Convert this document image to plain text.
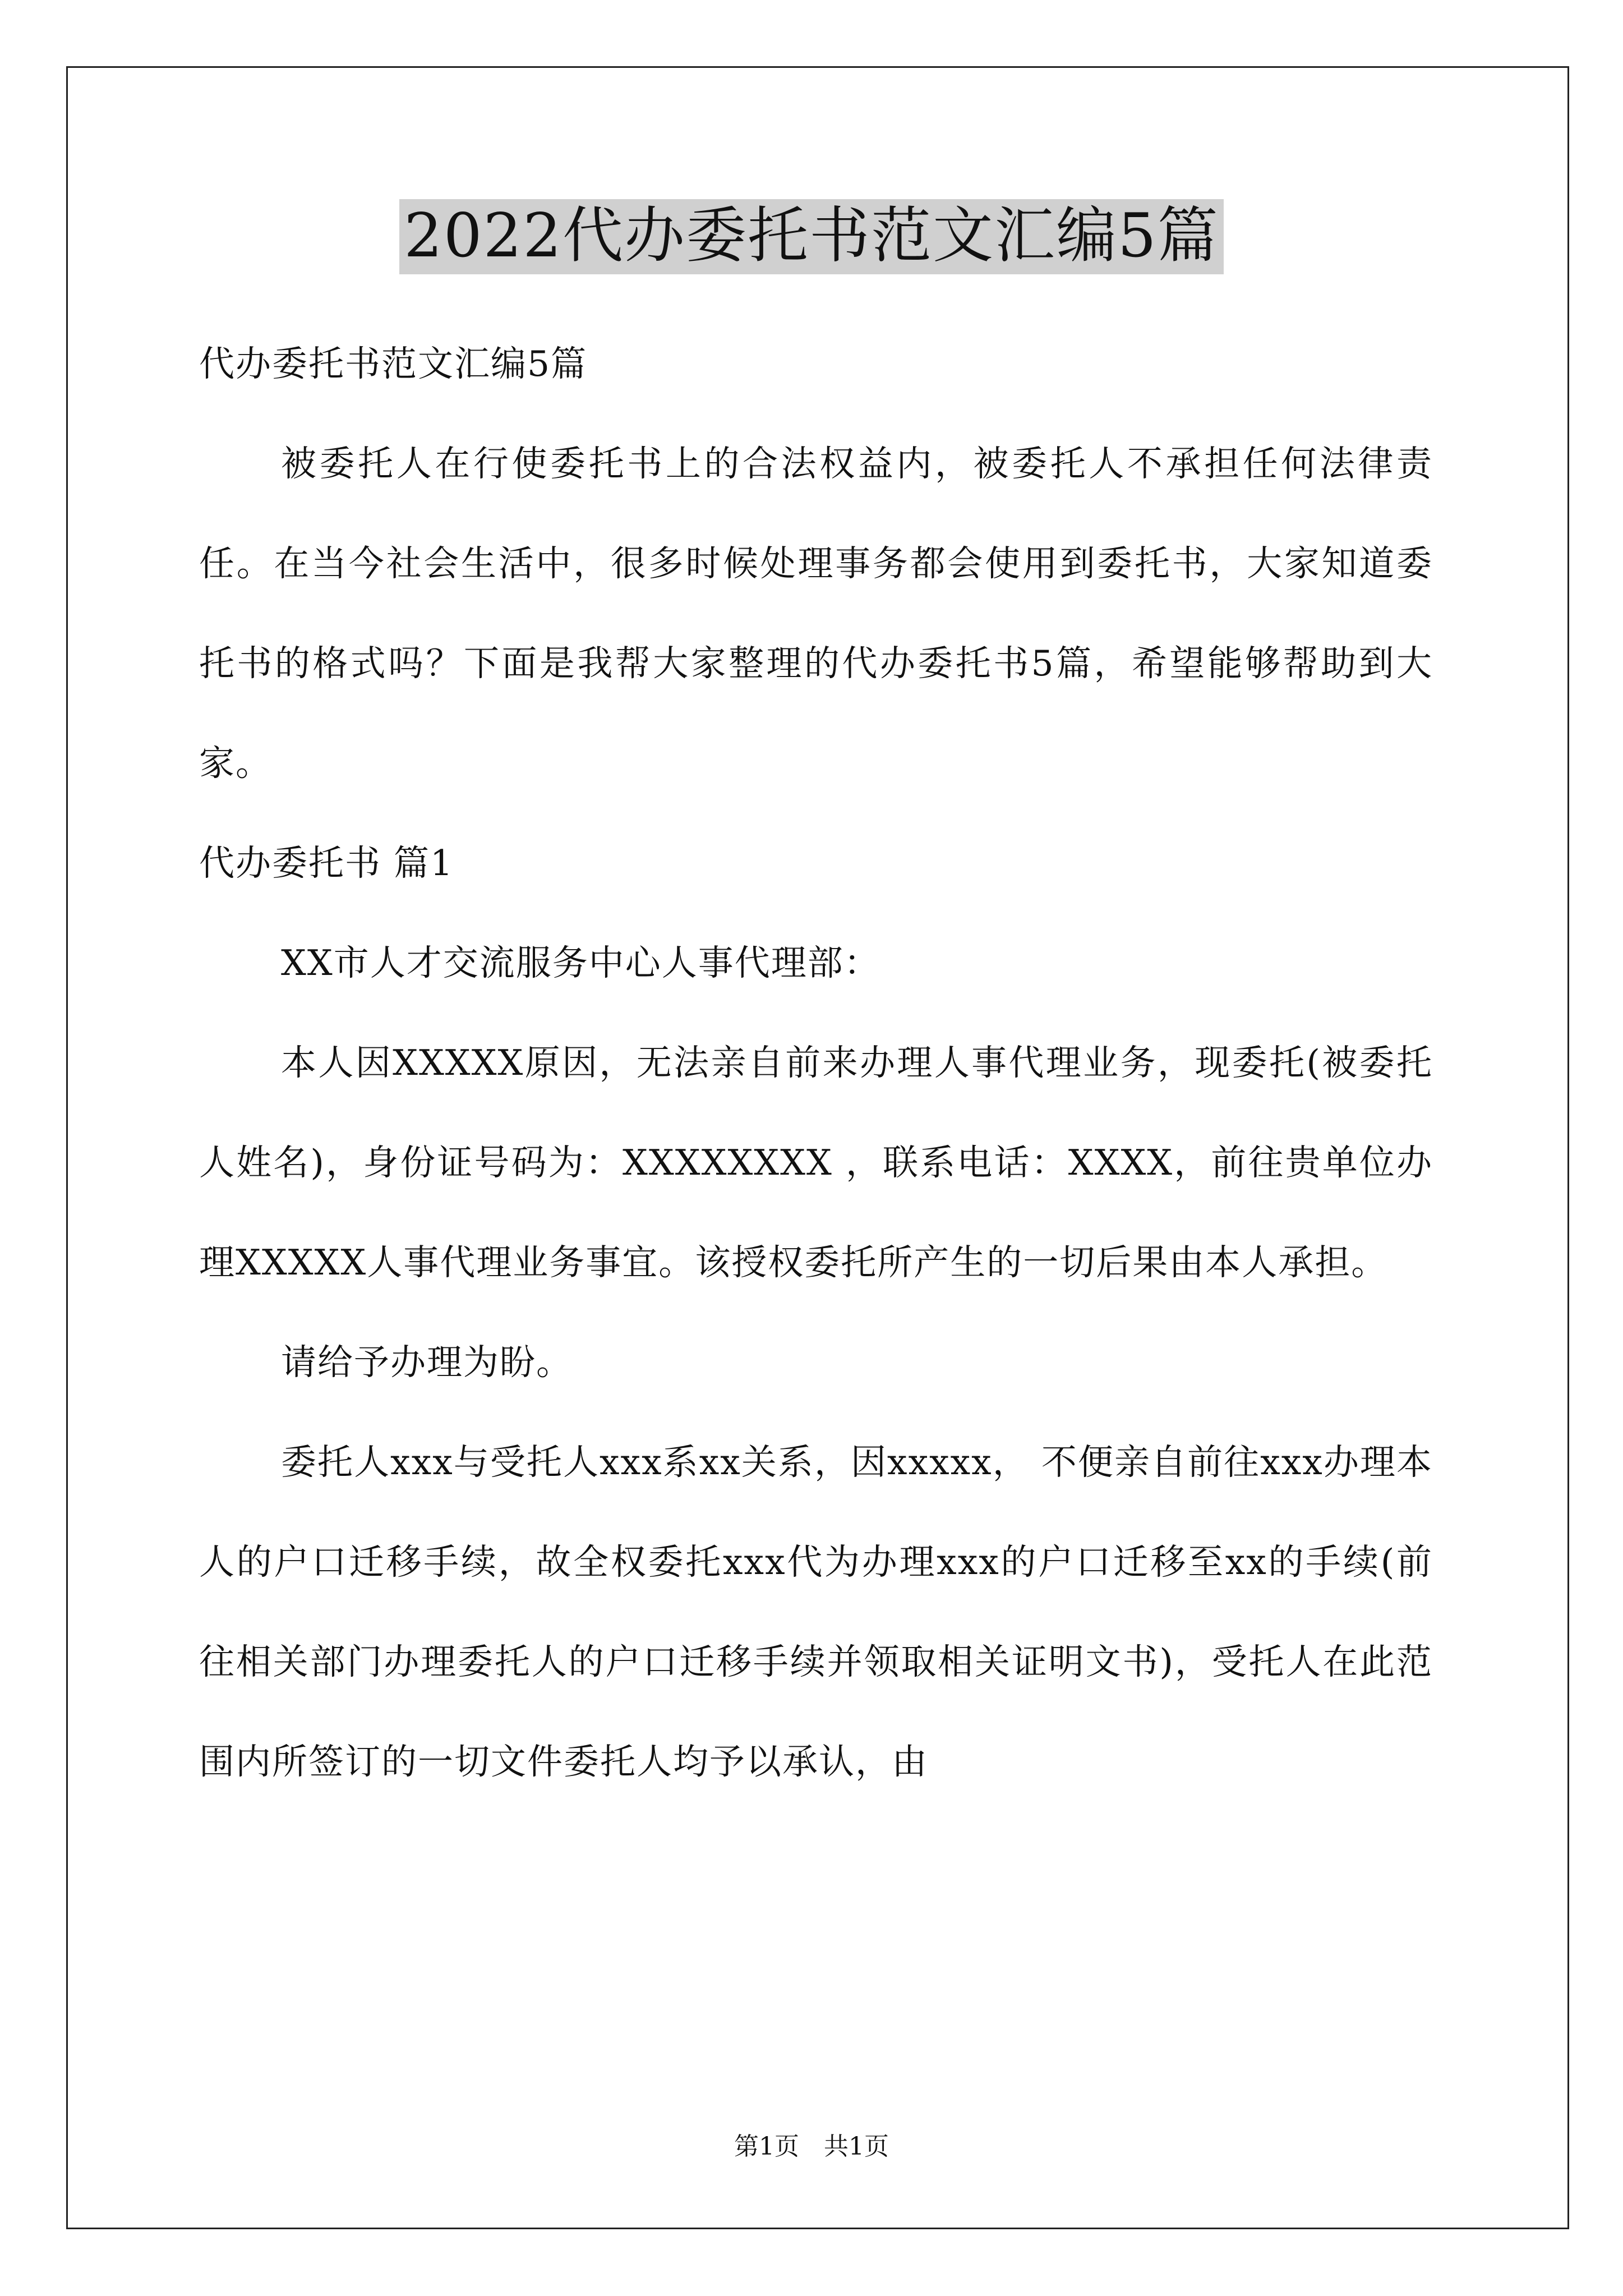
2022代办委托书范文汇编5篇

代办委托书范文汇编5篇

被委托人在行使委托书上的合法权益内，被委托人不承担任何法律责任。在当今社会生活中，很多时候处理事务都会使用到委托书，大家知道委托书的格式吗？下面是我帮大家整理的代办委托书5篇，希望能够帮助到大家。

代办委托书 篇1

XX市人才交流服务中心人事代理部：

本人因XXXXX原因，无法亲自前来办理人事代理业务，现委托(被委托人姓名)，身份证号码为：XXXXXXXX ，联系电话：XXXX，前往贵单位办理XXXXX人事代理业务事宜。该授权委托所产生的一切后果由本人承担。

请给予办理为盼。

委托人xxx与受托人xxx系xx关系，因xxxxx， 不便亲自前往xxx办理本人的户口迁移手续，故全权委托xxx代为办理xxx的户口迁移至xx的手续(前往相关部门办理委托人的户口迁移手续并领取相关证明文书)，受托人在此范围内所签订的一切文件委托人均予以承认，由

第1页　共1页
